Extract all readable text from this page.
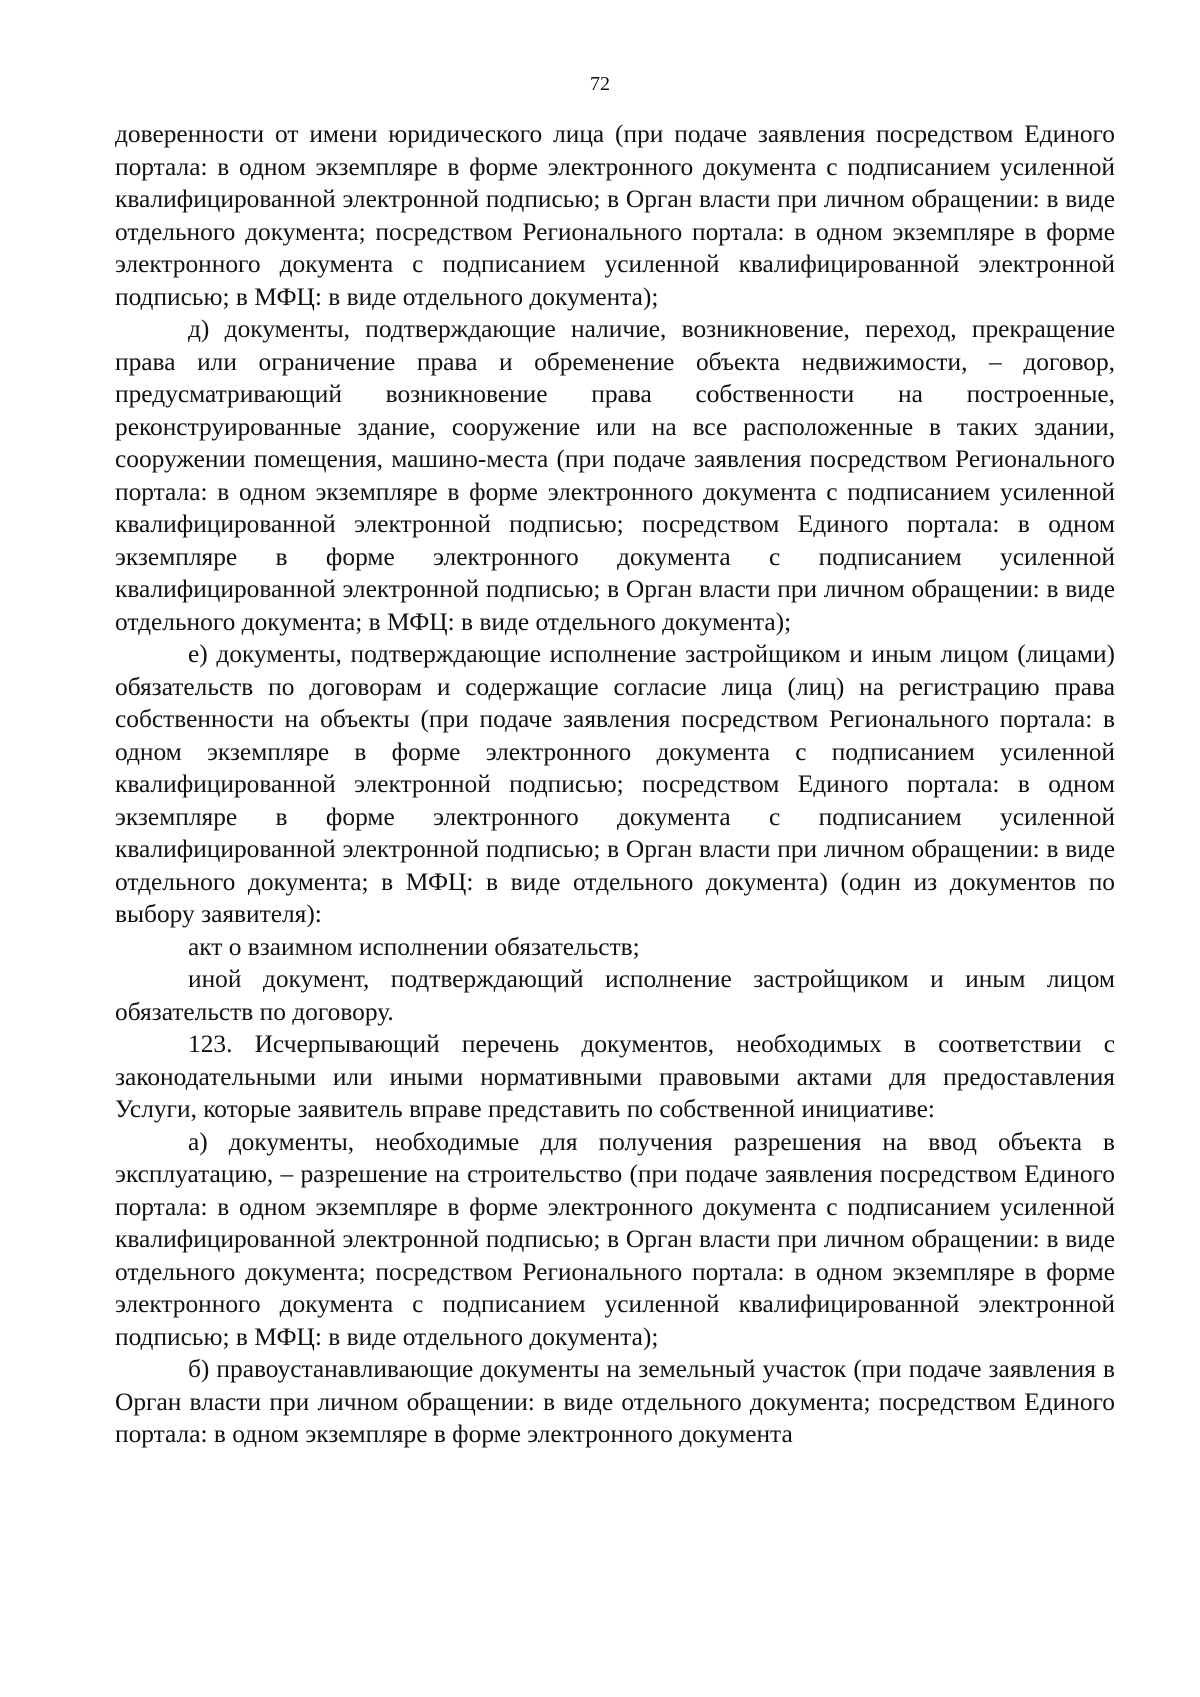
72

доверенности от имени юридического лица (при подаче заявления посредством Единого портала: в одном экземпляре в форме электронного документа с подписанием усиленной квалифицированной электронной подписью; в Орган власти при личном обращении: в виде отдельного документа; посредством Регионального портала: в одном экземпляре в форме электронного документа с подписанием усиленной квалифицированной электронной подписью; в МФЦ: в виде отдельного документа);

д) документы, подтверждающие наличие, возникновение, переход, прекращение права или ограничение права и обременение объекта недвижимости, – договор, предусматривающий возникновение права собственности на построенные, реконструированные здание, сооружение или на все расположенные в таких здании, сооружении помещения, машино-места (при подаче заявления посредством Регионального портала: в одном экземпляре в форме электронного документа с подписанием усиленной квалифицированной электронной подписью; посредством Единого портала: в одном экземпляре в форме электронного документа с подписанием усиленной квалифицированной электронной подписью; в Орган власти при личном обращении: в виде отдельного документа; в МФЦ: в виде отдельного документа);

е) документы, подтверждающие исполнение застройщиком и иным лицом (лицами) обязательств по договорам и содержащие согласие лица (лиц) на регистрацию права собственности на объекты (при подаче заявления посредством Регионального портала: в одном экземпляре в форме электронного документа с подписанием усиленной квалифицированной электронной подписью; посредством Единого портала: в одном экземпляре в форме электронного документа с подписанием усиленной квалифицированной электронной подписью; в Орган власти при личном обращении: в виде отдельного документа; в МФЦ: в виде отдельного документа) (один из документов по выбору заявителя):

акт о взаимном исполнении обязательств;

иной документ, подтверждающий исполнение застройщиком и иным лицом обязательств по договору.

123. Исчерпывающий перечень документов, необходимых в соответствии с законодательными или иными нормативными правовыми актами для предоставления Услуги, которые заявитель вправе представить по собственной инициативе:

а) документы, необходимые для получения разрешения на ввод объекта в эксплуатацию, – разрешение на строительство (при подаче заявления посредством Единого портала: в одном экземпляре в форме электронного документа с подписанием усиленной квалифицированной электронной подписью; в Орган власти при личном обращении: в виде отдельного документа; посредством Регионального портала: в одном экземпляре в форме электронного документа с подписанием усиленной квалифицированной электронной подписью; в МФЦ: в виде отдельного документа);

б) правоустанавливающие документы на земельный участок (при подаче заявления в Орган власти при личном обращении: в виде отдельного документа; посредством Единого портала: в одном экземпляре в форме электронного документа
